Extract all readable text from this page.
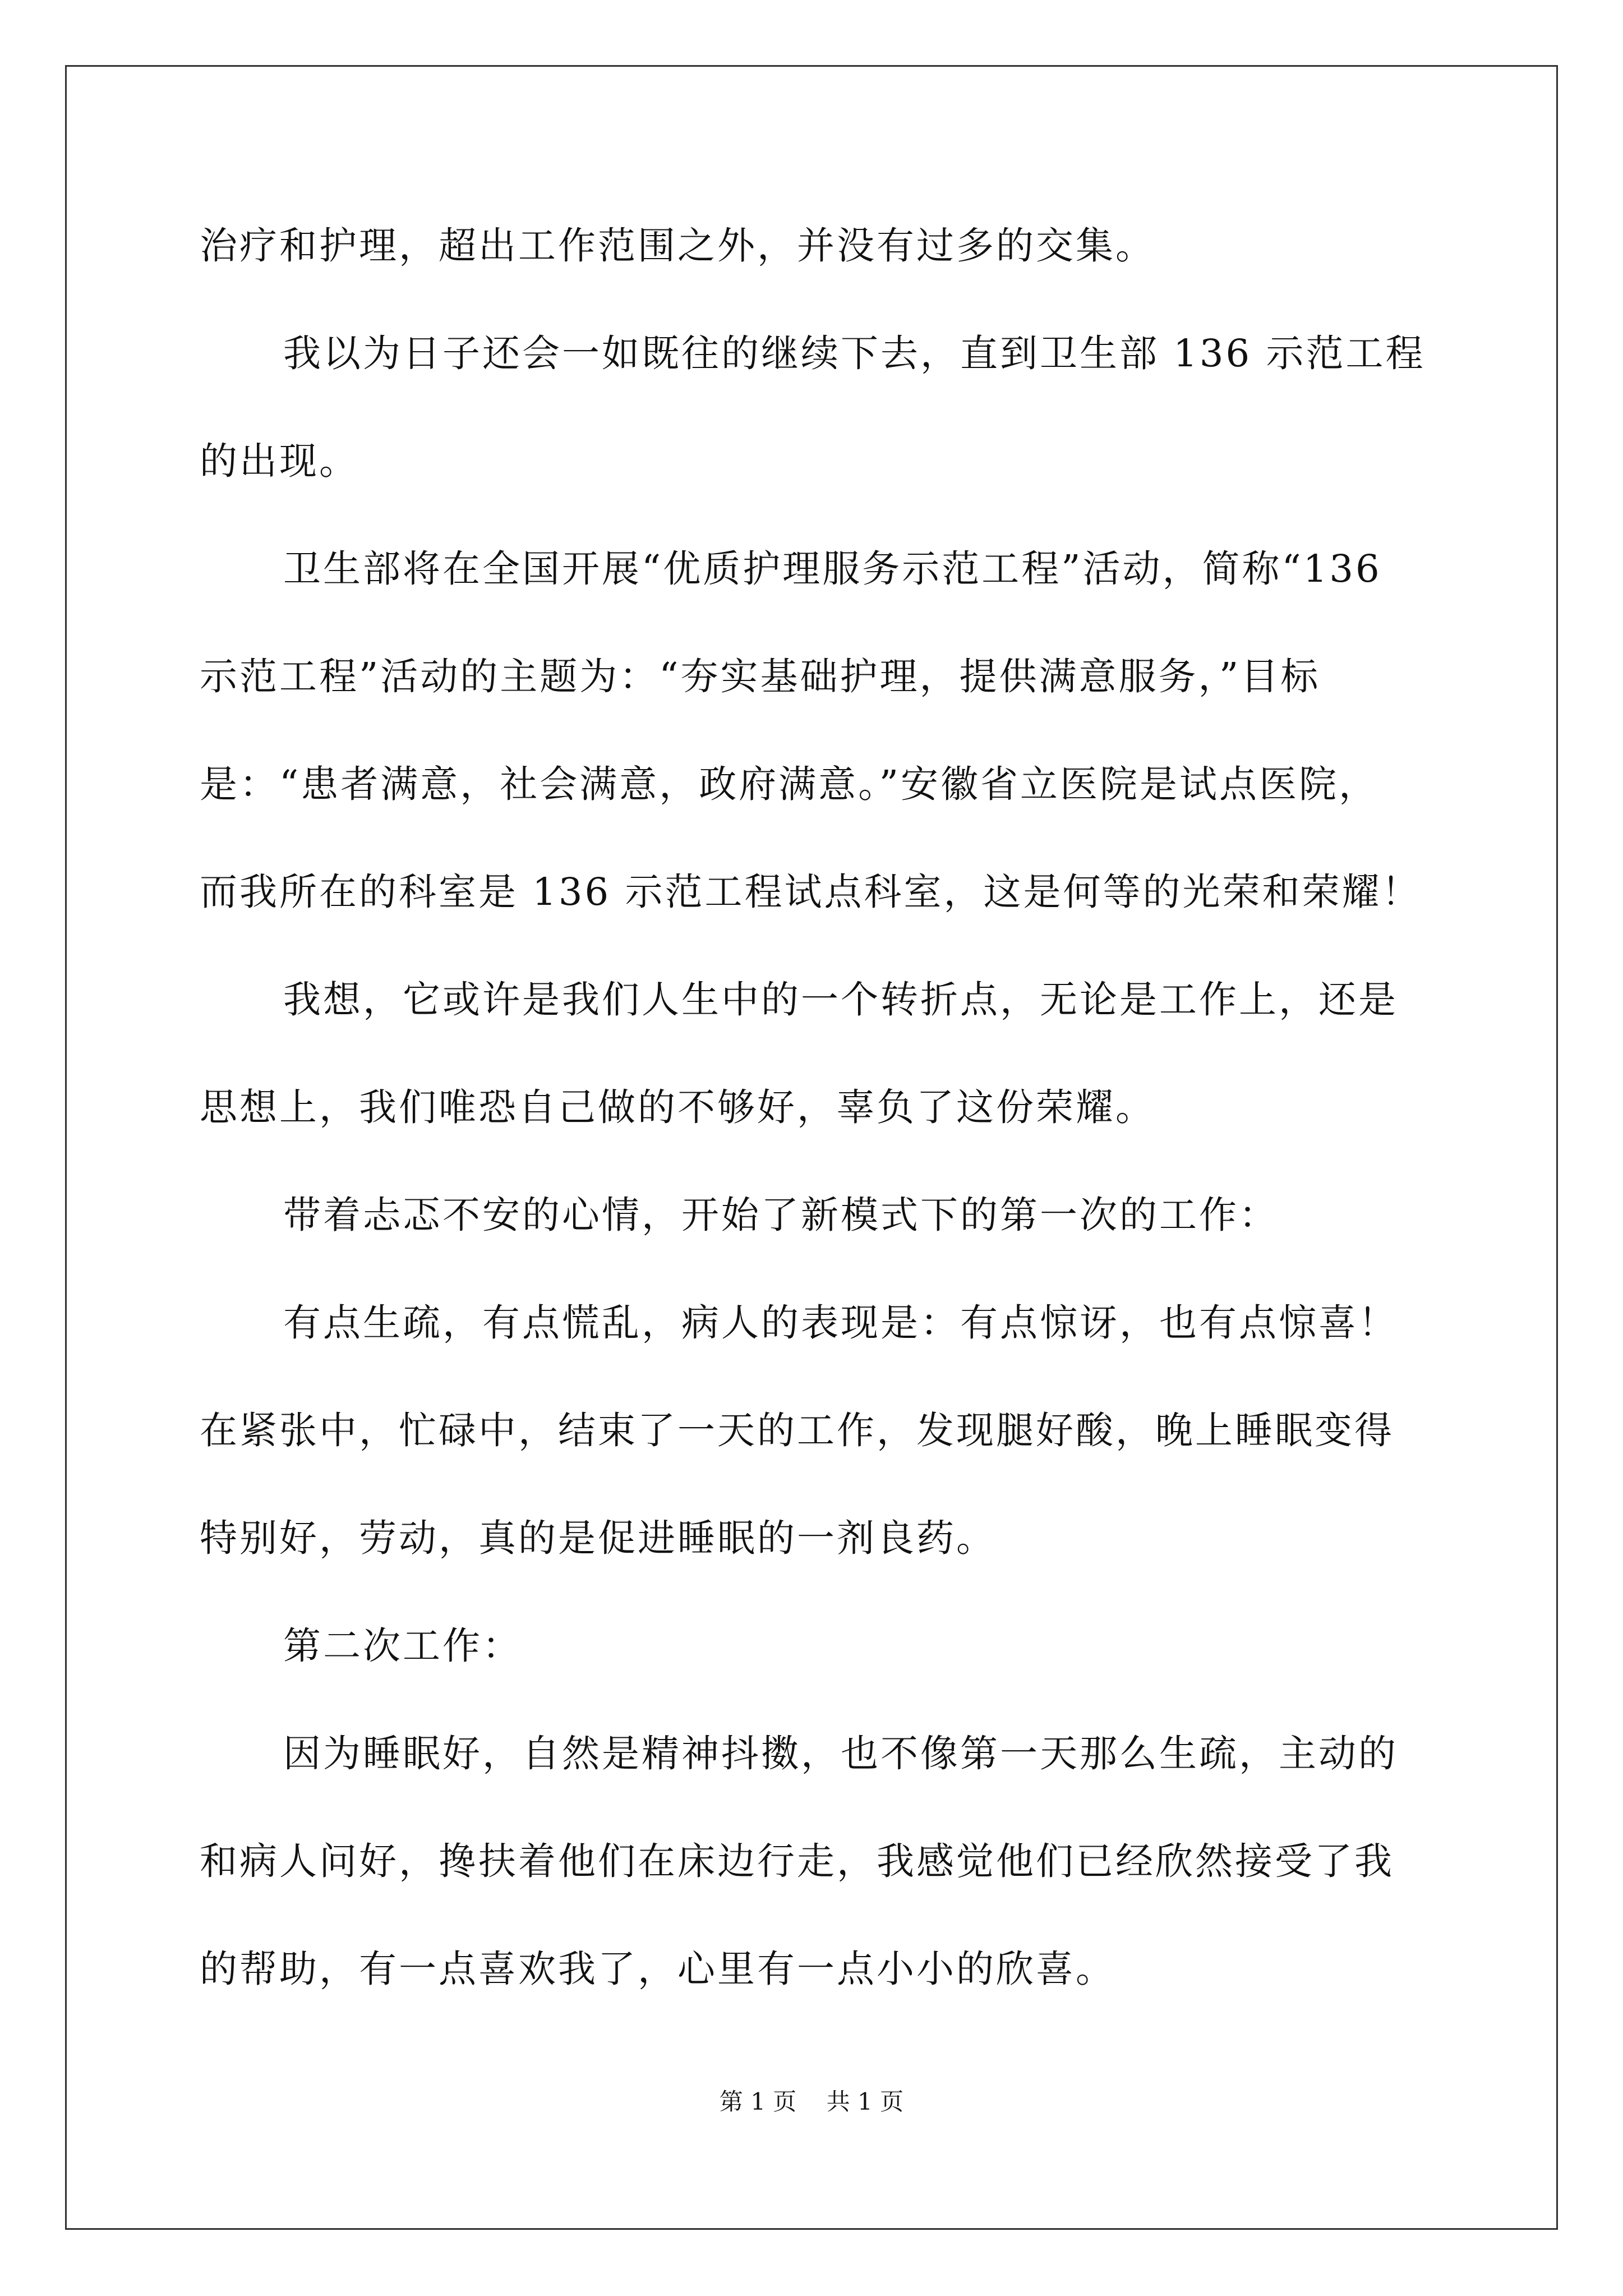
治疗和护理，超出工作范围之外，并没有过多的交集。
我以为日子还会一如既往的继续下去，直到卫生部 136 示范工程
的出现。
卫生部将在全国开展“优质护理服务示范工程”活动，简称“136
示范工程”活动的主题为：“夯实基础护理，提供满意服务，”目标
是：“患者满意，社会满意，政府满意。”安徽省立医院是试点医院，
而我所在的科室是 136 示范工程试点科室，这是何等的光荣和荣耀！
我想，它或许是我们人生中的一个转折点，无论是工作上，还是
思想上，我们唯恐自己做的不够好，辜负了这份荣耀。
带着忐忑不安的心情，开始了新模式下的第一次的工作：
有点生疏，有点慌乱，病人的表现是：有点惊讶，也有点惊喜！
在紧张中，忙碌中，结束了一天的工作，发现腿好酸，晚上睡眠变得
特别好，劳动，真的是促进睡眠的一剂良药。
第二次工作：
因为睡眠好，自然是精神抖擞，也不像第一天那么生疏，主动的
和病人问好，搀扶着他们在床边行走，我感觉他们已经欣然接受了我
的帮助，有一点喜欢我了，心里有一点小小的欣喜。
第 1 页    共 1 页
